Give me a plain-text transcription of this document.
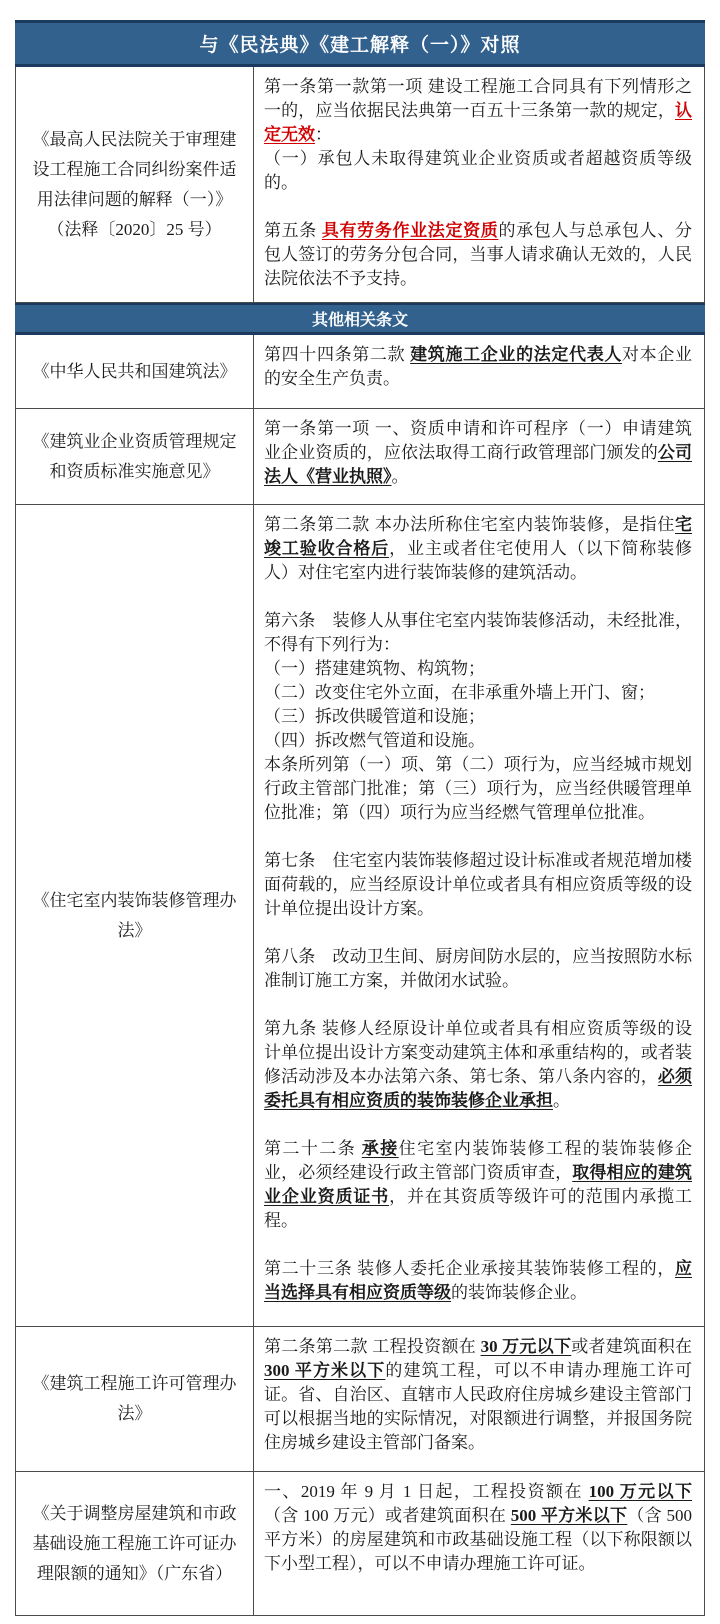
与《民法典》《建工解释（一）》对照
《最高人民法院关于审理建设工程施工合同纠纷案件适用法律问题的解释（一）》（法释〔2020〕25 号）

第一条第一款第一项 建设工程施工合同具有下列情形之一的，应当依据民法典第一百五十三条第一款的规定，认定无效：

（一）承包人未取得建筑业企业资质或者超越资质等级的。

第五条 具有劳务作业法定资质的承包人与总承包人、分包人签订的劳务分包合同，当事人请求确认无效的，人民法院依法不予支持。

其他相关条文
《中华人民共和国建筑法》

第四十四条第二款 建筑施工企业的法定代表人对本企业的安全生产负责。

《建筑业企业资质管理规定和资质标准实施意见》

第一条第一项 一、资质申请和许可程序（一）申请建筑业企业资质的，应依法取得工商行政管理部门颁发的公司法人《营业执照》。

《住宅室内装饰装修管理办法》

第二条第二款 本办法所称住宅室内装饰装修，是指住宅竣工验收合格后，业主或者住宅使用人（以下简称装修人）对住宅室内进行装饰装修的建筑活动。

第六条　装修人从事住宅室内装饰装修活动，未经批准，不得有下列行为：

（一）搭建建筑物、构筑物；

（二）改变住宅外立面，在非承重外墙上开门、窗；

（三）拆改供暖管道和设施；

（四）拆改燃气管道和设施。

本条所列第（一）项、第（二）项行为，应当经城市规划行政主管部门批准；第（三）项行为，应当经供暖管理单位批准；第（四）项行为应当经燃气管理单位批准。

第七条　住宅室内装饰装修超过设计标准或者规范增加楼面荷载的，应当经原设计单位或者具有相应资质等级的设计单位提出设计方案。

第八条　改动卫生间、厨房间防水层的，应当按照防水标准制订施工方案，并做闭水试验。

第九条 装修人经原设计单位或者具有相应资质等级的设计单位提出设计方案变动建筑主体和承重结构的，或者装修活动涉及本办法第六条、第七条、第八条内容的，必须委托具有相应资质的装饰装修企业承担。

第二十二条 承接住宅室内装饰装修工程的装饰装修企业，必须经建设行政主管部门资质审查，取得相应的建筑业企业资质证书，并在其资质等级许可的范围内承揽工程。

第二十三条 装修人委托企业承接其装饰装修工程的，应当选择具有相应资质等级的装饰装修企业。

《建筑工程施工许可管理办法》

第二条第二款 工程投资额在 30 万元以下或者建筑面积在 300 平方米以下的建筑工程，可以不申请办理施工许可证。省、自治区、直辖市人民政府住房城乡建设主管部门可以根据当地的实际情况，对限额进行调整，并报国务院住房城乡建设主管部门备案。

《关于调整房屋建筑和市政基础设施工程施工许可证办理限额的通知》（广东省）

一、2019 年 9 月 1 日起，工程投资额在 100 万元以下（含 100 万元）或者建筑面积在 500 平方米以下（含 500 平方米）的房屋建筑和市政基础设施工程（以下称限额以下小型工程），可以不申请办理施工许可证。
